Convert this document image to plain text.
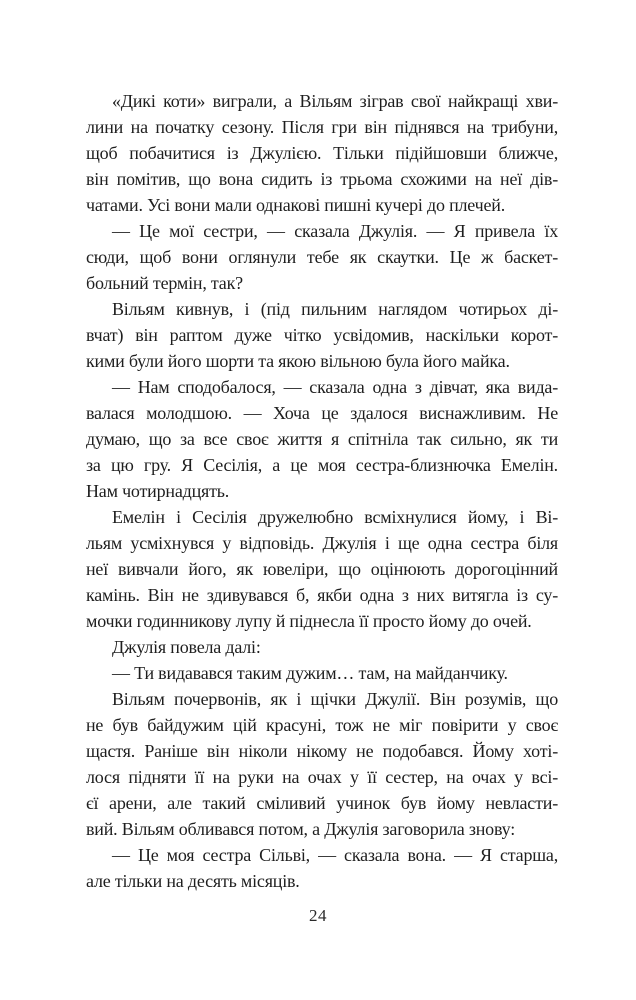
«Дикі коти» виграли, а Вільям зіграв свої найкращі хви-
лини на початку сезону. Після гри він піднявся на трибуни,
щоб побачитися із Джулією. Тільки підійшовши ближче,
він помітив, що вона сидить із трьома схожими на неї дів-
чатами. Усі вони мали однакові пишні кучері до плечей.
— Це мої сестри, — сказала Джулія. — Я привела їх
сюди, щоб вони оглянули тебе як скаутки. Це ж баскет-
больний термін, так?
Вільям кивнув, і (під пильним наглядом чотирьох ді-
вчат) він раптом дуже чітко усвідомив, наскільки корот-
кими були його шорти та якою вільною була його майка.
— Нам сподобалося, — сказала одна з дівчат, яка вида-
валася молодшою. — Хоча це здалося виснажливим. Не
думаю, що за все своє життя я спітніла так сильно, як ти
за цю гру. Я Сесілія, а це моя сестра-близнючка Емелін.
Нам чотирнадцять.
Емелін і Сесілія дружелюбно всміхнулися йому, і Ві-
льям усміхнувся у відповідь. Джулія і ще одна сестра біля
неї вивчали його, як ювеліри, що оцінюють дорогоцінний
камінь. Він не здивувався б, якби одна з них витягла із су-
мочки годинникову лупу й піднесла її просто йому до очей.
Джулія повела далі:
— Ти видавався таким дужим… там, на майданчику.
Вільям почервонів, як і щічки Джулії. Він розумів, що
не був байдужим цій красуні, тож не міг повірити у своє
щастя. Раніше він ніколи нікому не подобався. Йому хоті-
лося підняти її на руки на очах у її сестер, на очах у всі-
єї арени, але такий сміливий учинок був йому невласти-
вий. Вільям обливався потом, а Джулія заговорила знову:
— Це моя сестра Сільві, — сказала вона. — Я старша,
але тільки на десять місяців.
24
